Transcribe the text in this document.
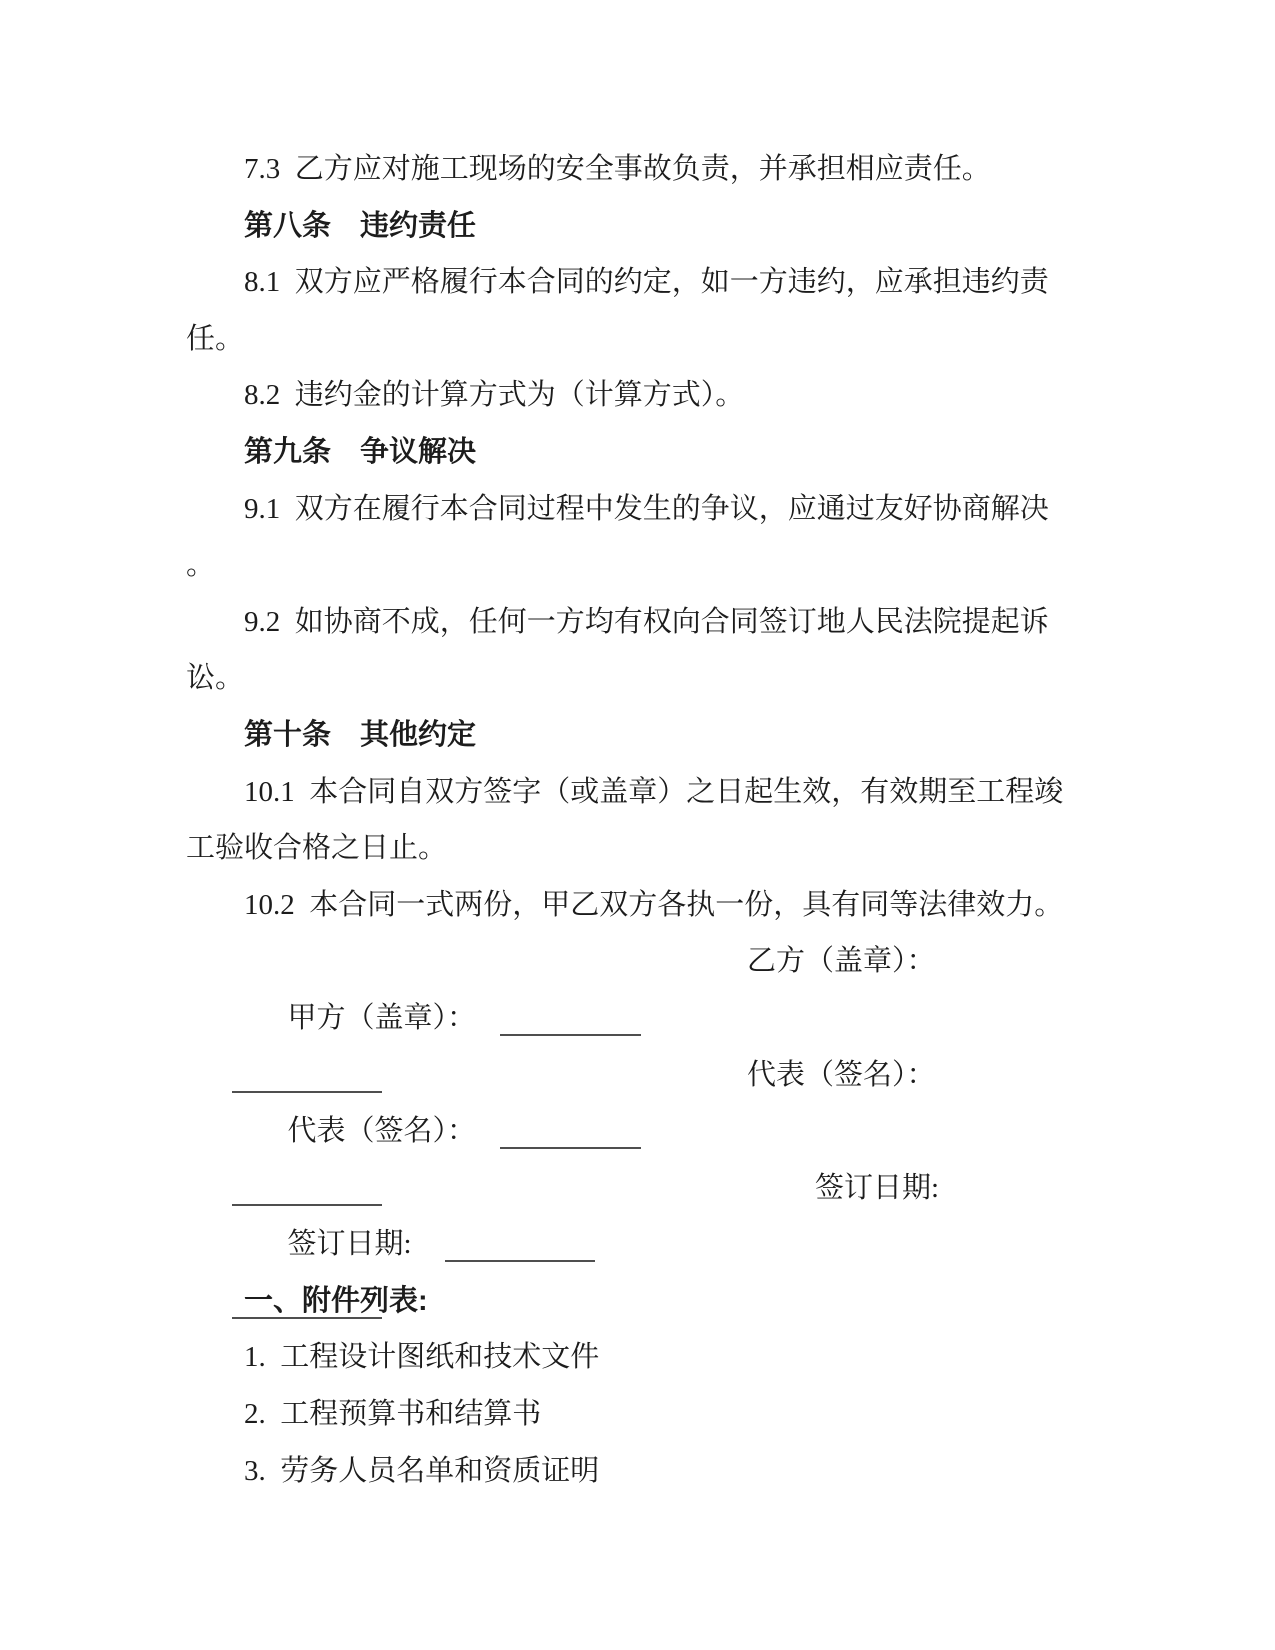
7.3  乙方应对施工现场的安全事故负责，并承担相应责任。
第八条　违约责任
8.1  双方应严格履行本合同的约定，如一方违约，应承担违约责
任。
8.2  违约金的计算方式为（计算方式）。
第九条　争议解决
9.1  双方在履行本合同过程中发生的争议，应通过友好协商解决
。
9.2  如协商不成，任何一方均有权向合同签订地人民法院提起诉
讼。
第十条　其他约定
10.1  本合同自双方签字（或盖章）之日起生效，有效期至工程竣
工验收合格之日止。
10.2  本合同一式两份，甲乙双方各执一份，具有同等法律效力。

甲方（盖章）：

乙方（盖章）：

代表（签名）：

代表（签名）：

签订日期:

签订日期:

一、附件列表:
1.  工程设计图纸和技术文件
2.  工程预算书和结算书
3.  劳务人员名单和资质证明
